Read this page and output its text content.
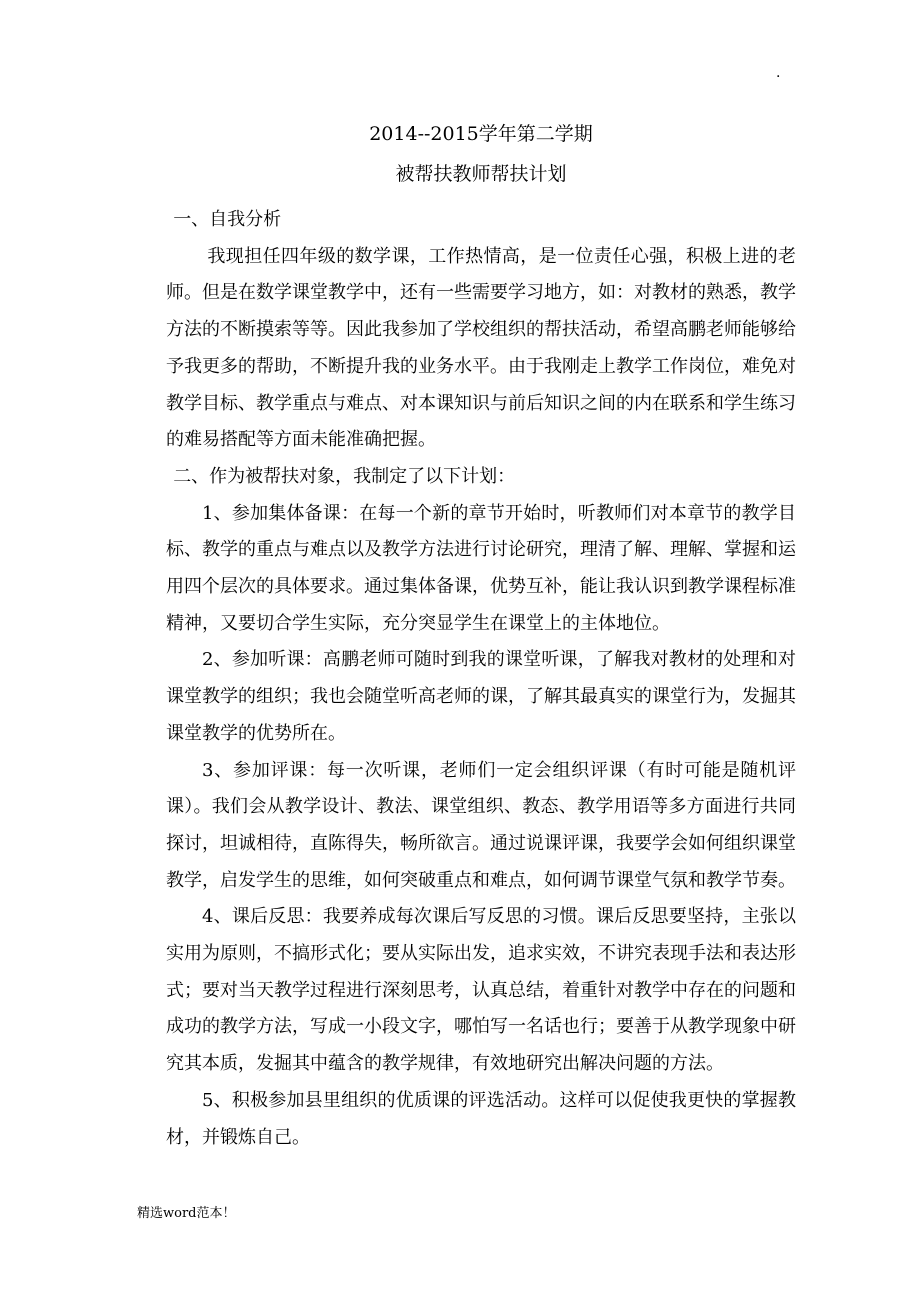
·
2014--2015学年第二学期
被帮扶教师帮扶计划
一、自我分析

我现担任四年级的数学课，工作热情高，是一位责任心强，积极上进的老师。但是在数学课堂教学中，还有一些需要学习地方，如：对教材的熟悉，教学方法的不断摸索等等。因此我参加了学校组织的帮扶活动，希望高鹏老师能够给予我更多的帮助，不断提升我的业务水平。由于我刚走上教学工作岗位，难免对教学目标、教学重点与难点、对本课知识与前后知识之间的内在联系和学生练习的难易搭配等方面未能准确把握。

二、作为被帮扶对象，我制定了以下计划：

1、参加集体备课：在每一个新的章节开始时，听教师们对本章节的教学目标、教学的重点与难点以及教学方法进行讨论研究，理清了解、理解、掌握和运用四个层次的具体要求。通过集体备课，优势互补，能让我认识到教学课程标准精神，又要切合学生实际，充分突显学生在课堂上的主体地位。

2、参加听课：高鹏老师可随时到我的课堂听课，了解我对教材的处理和对课堂教学的组织；我也会随堂听高老师的课，了解其最真实的课堂行为，发掘其课堂教学的优势所在。

3、参加评课：每一次听课，老师们一定会组织评课（有时可能是随机评课）。我们会从教学设计、教法、课堂组织、教态、教学用语等多方面进行共同探讨，坦诚相待，直陈得失，畅所欲言。通过说课评课，我要学会如何组织课堂教学，启发学生的思维，如何突破重点和难点，如何调节课堂气氛和教学节奏。

4、课后反思：我要养成每次课后写反思的习惯。课后反思要坚持，主张以实用为原则，不搞形式化；要从实际出发，追求实效，不讲究表现手法和表达形式；要对当天教学过程进行深刻思考，认真总结，着重针对教学中存在的问题和成功的教学方法，写成一小段文字，哪怕写一名话也行；要善于从教学现象中研究其本质，发掘其中蕴含的教学规律，有效地研究出解决问题的方法。

5、积极参加县里组织的优质课的评选活动。这样可以促使我更快的掌握教材，并锻炼自己。

精选word范本！
